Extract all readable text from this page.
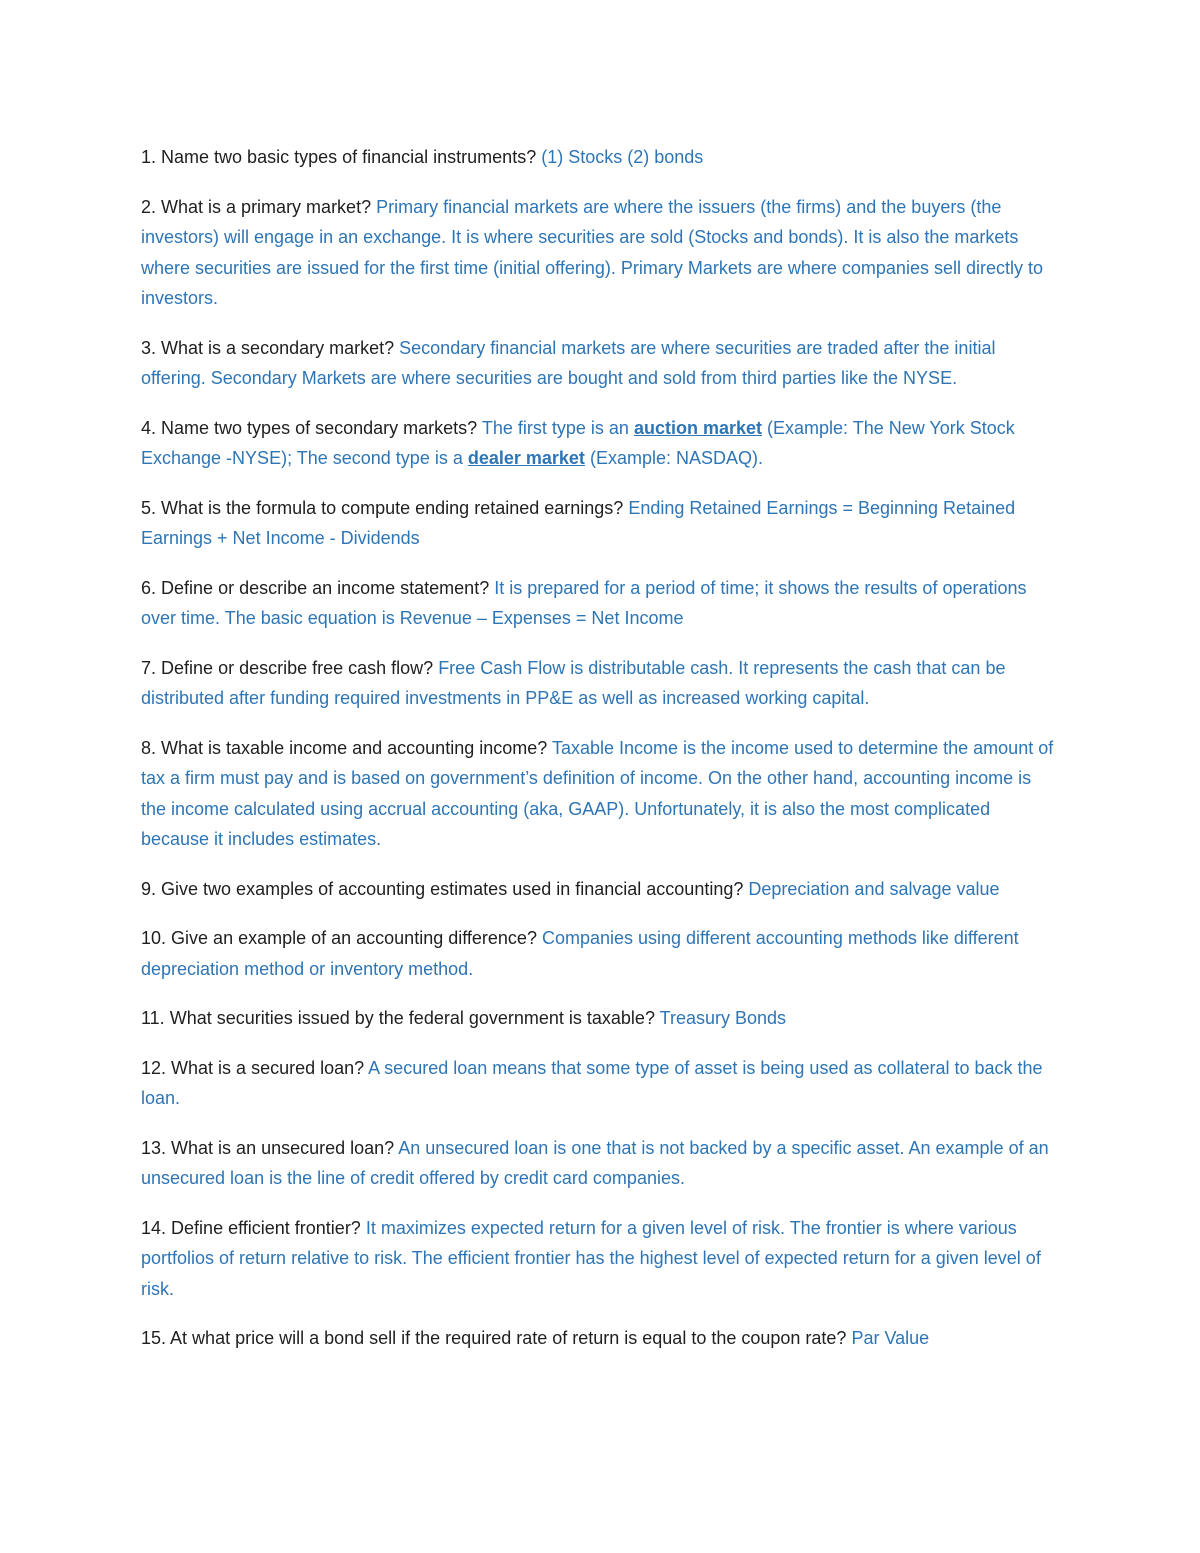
1. Name two basic types of financial instruments? (1) Stocks (2) bonds

2. What is a primary market? Primary financial markets are where the issuers (the firms) and the buyers (the investors) will engage in an exchange. It is where securities are sold (Stocks and bonds). It is also the markets where securities are issued for the first time (initial offering). Primary Markets are where companies sell directly to investors.

3. What is a secondary market? Secondary financial markets are where securities are traded after the initial offering. Secondary Markets are where securities are bought and sold from third parties like the NYSE.

4. Name two types of secondary markets? The first type is an auction market (Example: The New York Stock Exchange -NYSE); The second type is a dealer market (Example: NASDAQ).

5. What is the formula to compute ending retained earnings? Ending Retained Earnings = Beginning Retained Earnings + Net Income - Dividends

6. Define or describe an income statement? It is prepared for a period of time; it shows the results of operations over time. The basic equation is Revenue – Expenses = Net Income

7. Define or describe free cash flow? Free Cash Flow is distributable cash. It represents the cash that can be distributed after funding required investments in PP&E as well as increased working capital.

8. What is taxable income and accounting income? Taxable Income is the income used to determine the amount of tax a firm must pay and is based on government’s definition of income. On the other hand, accounting income is the income calculated using accrual accounting (aka, GAAP). Unfortunately, it is also the most complicated because it includes estimates.

9. Give two examples of accounting estimates used in financial accounting? Depreciation and salvage value

10. Give an example of an accounting difference? Companies using different accounting methods like different depreciation method or inventory method.

11. What securities issued by the federal government is taxable? Treasury Bonds

12. What is a secured loan? A secured loan means that some type of asset is being used as collateral to back the loan.

13. What is an unsecured loan? An unsecured loan is one that is not backed by a specific asset. An example of an unsecured loan is the line of credit offered by credit card companies.

14. Define efficient frontier? It maximizes expected return for a given level of risk. The frontier is where various portfolios of return relative to risk. The efficient frontier has the highest level of expected return for a given level of risk.

15. At what price will a bond sell if the required rate of return is equal to the coupon rate? Par Value
